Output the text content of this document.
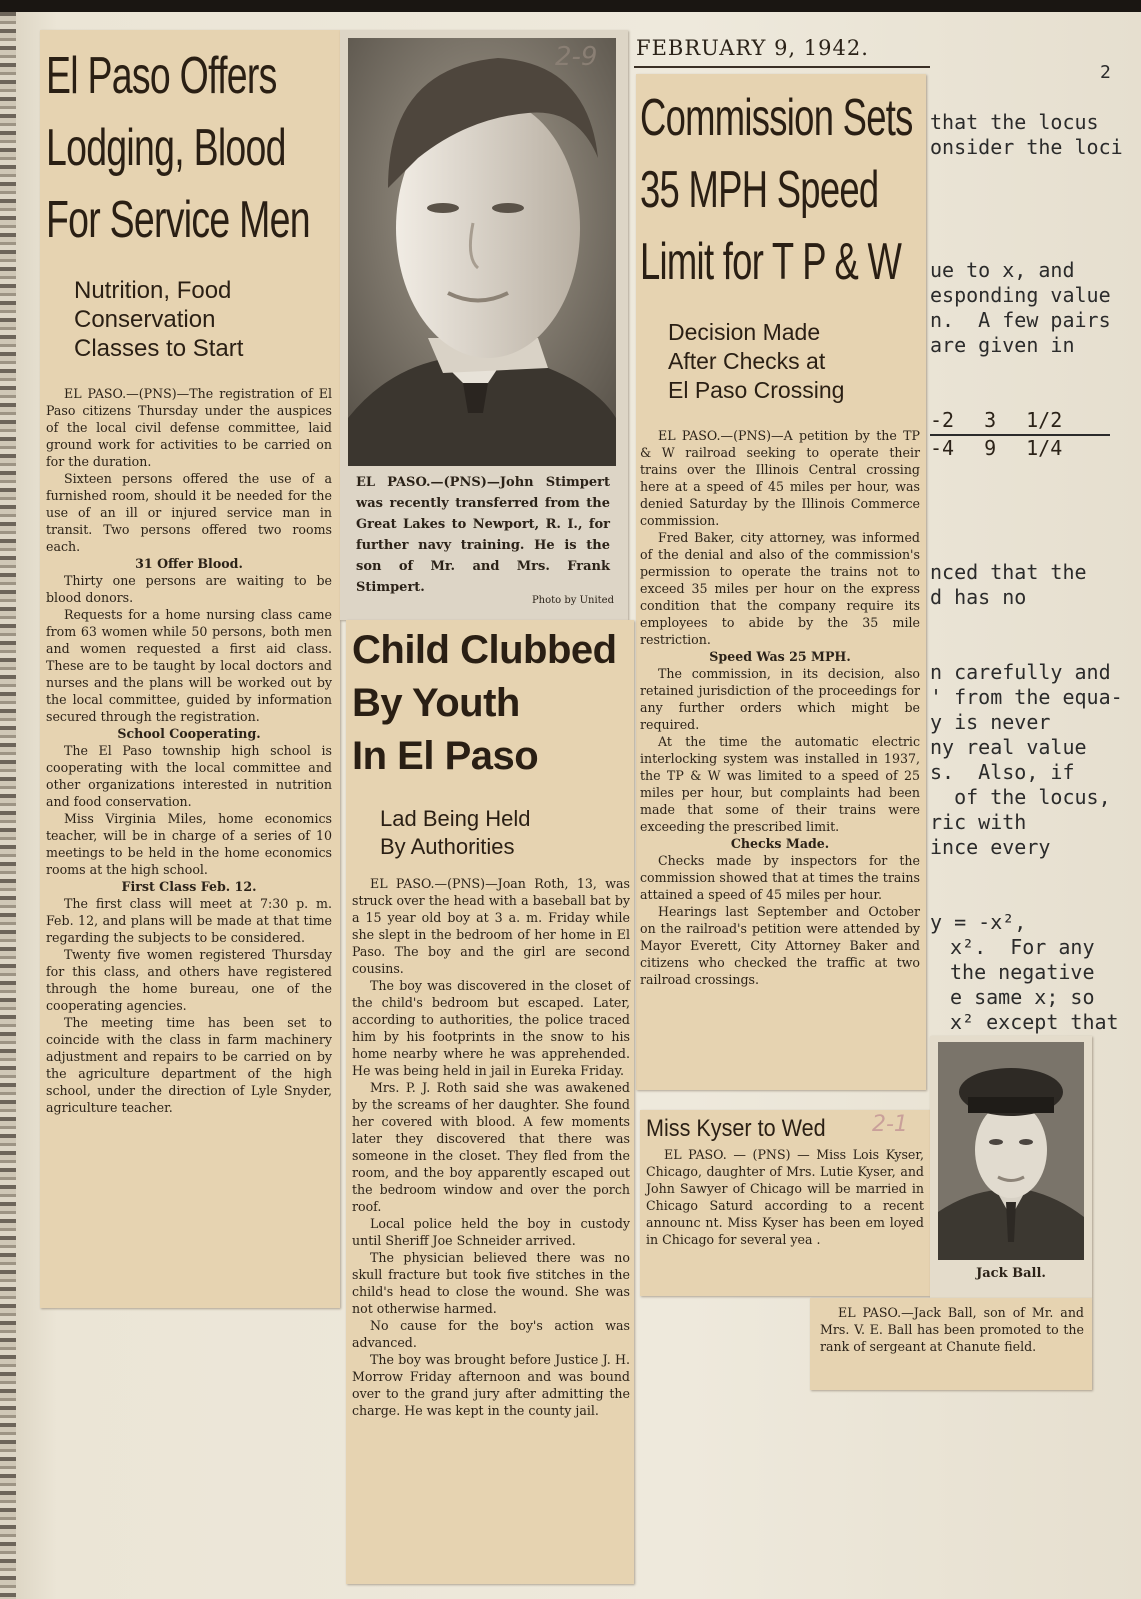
2
that the locus
onsider the loci
ue to x, and
esponding value
n.  A few pairs
are given in
-2 3 1/2
-4 9 1/4
nced that the
d has no
n carefully and
' from the equa-
y is never
ny real value
s.  Also, if
of the locus,
ric with
ince every
y = -x²,
x².  For any
the negative
e same x; so
x² except that
FEBRUARY 9, 1942.
El Paso Offers
Lodging, Blood
For Service Men
Nutrition, Food
Conservation
Classes to Start

EL PASO.—(PNS)—The registration of El Paso citizens Thursday under the auspices of the local civil defense committee, laid ground work for activities to be carried on for the duration.

Sixteen persons offered the use of a furnished room, should it be needed for the use of an ill or injured service man in transit. Two persons offered two rooms each.

31 Offer Blood.

Thirty one persons are waiting to be blood donors.

Requests for a home nursing class came from 63 women while 50 persons, both men and women requested a first aid class. These are to be taught by local doctors and nurses and the plans will be worked out by the local committee, guided by information secured through the registration.

School Cooperating.

The El Paso township high school is cooperating with the local committee and other organizations interested in nutrition and food conservation.

Miss Virginia Miles, home economics teacher, will be in charge of a series of 10 meetings to be held in the home economics rooms at the high school.

First Class Feb. 12.

The first class will meet at 7:30 p. m. Feb. 12, and plans will be made at that time regarding the subjects to be considered.

Twenty five women registered Thursday for this class, and others have registered through the home bureau, one of the cooperating agencies.

The meeting time has been set to coincide with the class in farm machinery adjustment and repairs to be carried on by the agriculture department of the high school, under the direction of Lyle Snyder, agriculture teacher.

2-9
EL PASO.—(PNS)—John Stimpert was recently transferred from the Great Lakes to Newport, R. I., for further navy training. He is the son of Mr. and Mrs. Frank Stimpert.
Photo by United
Commission Sets
35 MPH Speed
Limit for T P & W
Decision Made
After Checks at
El Paso Crossing

EL PASO.—(PNS)—A petition by the TP & W railroad seeking to operate their trains over the Illinois Central crossing here at a speed of 45 miles per hour, was denied Saturday by the Illinois Commerce commission.

Fred Baker, city attorney, was informed of the denial and also of the commission's permission to operate the trains not to exceed 35 miles per hour on the express condition that the company require its employees to abide by the 35 mile restriction.

Speed Was 25 MPH.

The commission, in its decision, also retained jurisdiction of the proceedings for any further orders which might be required.

At the time the automatic electric interlocking system was installed in 1937, the TP & W was limited to a speed of 25 miles per hour, but complaints had been made that some of their trains were exceeding the prescribed limit.

Checks Made.

Checks made by inspectors for the commission showed that at times the trains attained a speed of 45 miles per hour.

Hearings last September and October on the railroad's petition were attended by Mayor Everett, City Attorney Baker and citizens who checked the traffic at two railroad crossings.

Child Clubbed
By Youth
In El Paso
Lad Being Held
By Authorities

EL PASO.—(PNS)—Joan Roth, 13, was struck over the head with a baseball bat by a 15 year old boy at 3 a. m. Friday while she slept in the bedroom of her home in El Paso. The boy and the girl are second cousins.

The boy was discovered in the closet of the child's bedroom but escaped. Later, according to authorities, the police traced him by his footprints in the snow to his home nearby where he was apprehended. He was being held in jail in Eureka Friday.

Mrs. P. J. Roth said she was awakened by the screams of her daughter. She found her covered with blood. A few moments later they discovered that there was someone in the closet. They fled from the room, and the boy apparently escaped out the bedroom window and over the porch roof.

Local police held the boy in custody until Sheriff Joe Schneider arrived.

The physician believed there was no skull fracture but took five stitches in the child's head to close the wound. She was not otherwise harmed.

No cause for the boy's action was advanced.

The boy was brought before Justice J. H. Morrow Friday afternoon and was bound over to the grand jury after admitting the charge. He was kept in the county jail.

Miss Kyser to Wed

EL PASO. — (PNS) — Miss Lois Kyser, Chicago, daughter of Mrs. Lutie Kyser, and John Sawyer of Chicago will be married in Chicago Saturd according to a recent announc nt. Miss Kyser has been em loyed in Chicago for several yea .

2-1
Jack Ball.

EL PASO.—Jack Ball, son of Mr. and Mrs. V. E. Ball has been promoted to the rank of sergeant at Chanute field.
